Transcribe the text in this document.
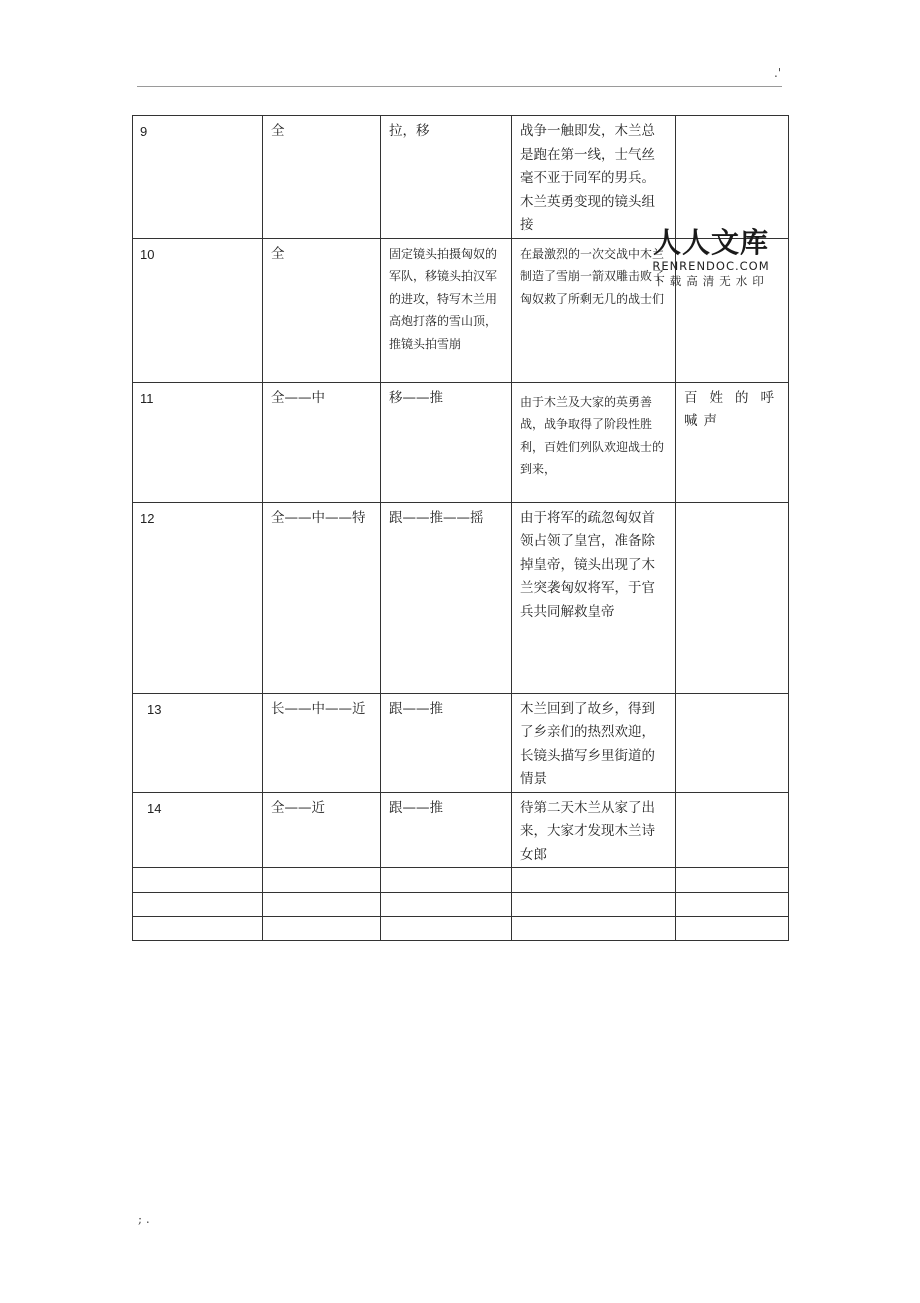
.'
9	全	拉，移	战争一触即发，木兰总是跑在第一线，士气丝毫不亚于同军的男兵。木兰英勇变现的镜头组接	

10	全	固定镜头拍摄匈奴的军队，移镜头拍汉军的进攻，特写木兰用高炮打落的雪山顶，推镜头拍雪崩	在最激烈的一次交战中木兰制造了雪崩一箭双雕击败了匈奴救了所剩无几的战士们	

11	全——中	移——推	由于木兰及大家的英勇善战，战争取得了阶段性胜利，百姓们列队欢迎战士的到来，	百姓的呼喊声

12	全——中——特	跟——推——摇	由于将军的疏忽匈奴首领占领了皇宫，准备除掉皇帝，镜头出现了木兰突袭匈奴将军，于官兵共同解救皇帝	

13	长——中——近	跟——推	木兰回到了故乡，得到了乡亲们的热烈欢迎，长镜头描写乡里街道的情景	

14	全——近	跟——推	待第二天木兰从家了出来，大家才发现木兰诗女郎	

人人文库
RENRENDOC.COM
下载高清无水印
; .
